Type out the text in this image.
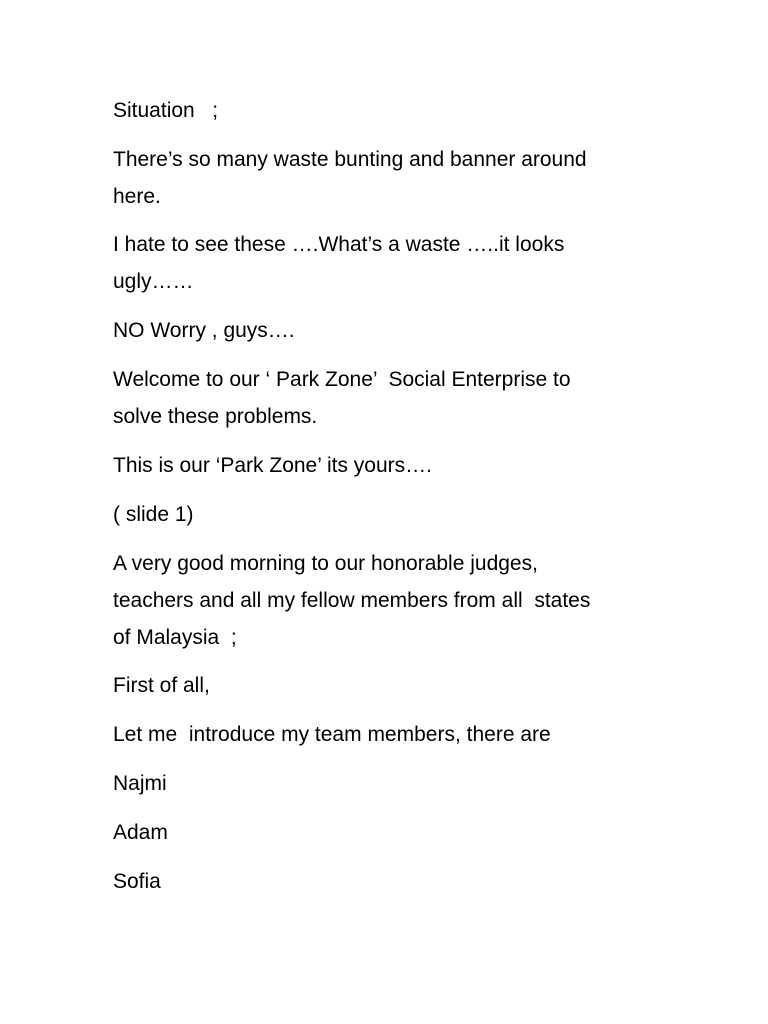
Situation   ;
There’s so many waste bunting and banner around
here.
I hate to see these ….What’s a waste …..it looks
ugly……
NO Worry , guys….
Welcome to our ‘ Park Zone’  Social Enterprise to
solve these problems.
This is our ‘Park Zone’ its yours….
( slide 1)
A very good morning to our honorable judges,
teachers and all my fellow members from all  states
of Malaysia  ;
First of all,
Let me  introduce my team members, there are
Najmi
Adam
Sofia
